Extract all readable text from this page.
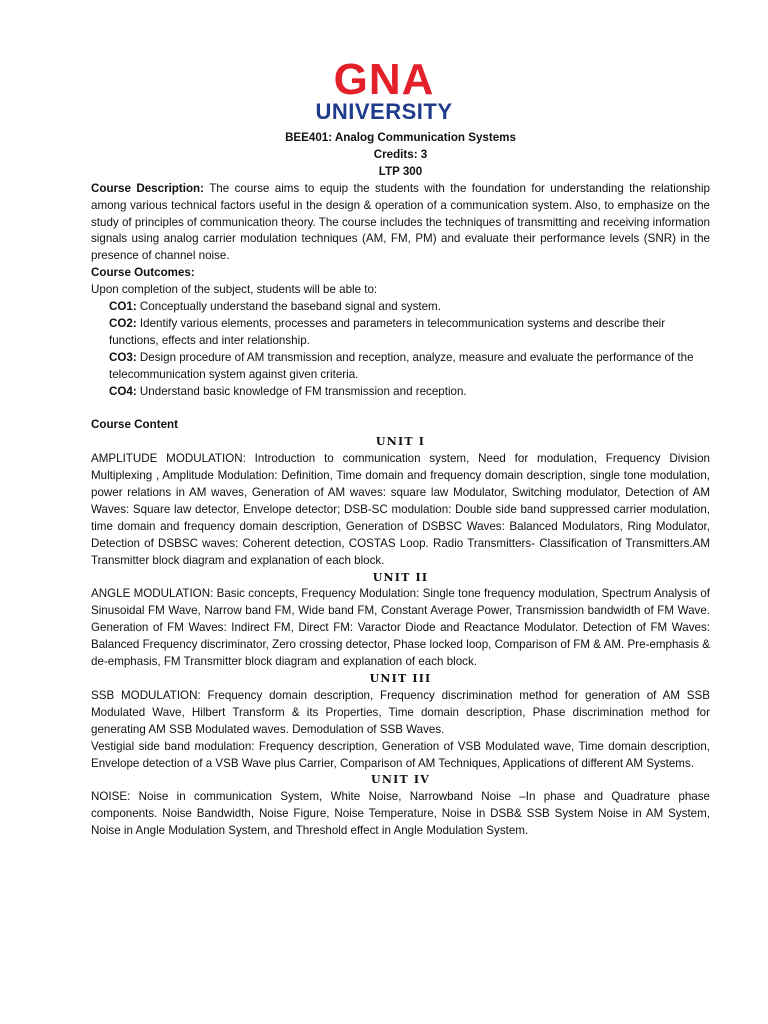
GNA
UNIVERSITY

BEE401: Analog Communication Systems

Credits: 3

LTP 300

Course Description: The course aims to equip the students with the foundation for understanding the relationship among various technical factors useful in the design & operation of a communication system. Also, to emphasize on the study of principles of communication theory. The course includes the techniques of transmitting and receiving information signals using analog carrier modulation techniques (AM, FM, PM) and evaluate their performance levels (SNR) in the presence of channel noise.

Course Outcomes:

Upon completion of the subject, students will be able to:

CO1: Conceptually understand the baseband signal and system.

CO2: Identify various elements, processes and parameters in telecommunication systems and describe their functions, effects and inter relationship.

CO3: Design procedure of AM transmission and reception, analyze, measure and evaluate the performance of the telecommunication system against given criteria.

CO4: Understand basic knowledge of FM transmission and reception.

Course Content

UNIT I

AMPLITUDE MODULATION: Introduction to communication system, Need for modulation, Frequency Division Multiplexing , Amplitude Modulation: Definition, Time domain and frequency domain description, single tone modulation, power relations in AM waves, Generation of AM waves: square law Modulator, Switching modulator, Detection of AM Waves: Square law detector, Envelope detector; DSB-SC modulation: Double side band suppressed carrier modulation, time domain and frequency domain description, Generation of DSBSC Waves: Balanced Modulators, Ring Modulator, Detection of DSBSC waves: Coherent detection, COSTAS Loop. Radio Transmitters- Classification of Transmitters.AM Transmitter block diagram and explanation of each block.

UNIT II

ANGLE MODULATION: Basic concepts, Frequency Modulation: Single tone frequency modulation, Spectrum Analysis of Sinusoidal FM Wave, Narrow band FM, Wide band FM, Constant Average Power, Transmission bandwidth of FM Wave. Generation of FM Waves: Indirect FM, Direct FM: Varactor Diode and Reactance Modulator. Detection of FM Waves: Balanced Frequency discriminator, Zero crossing detector, Phase locked loop, Comparison of FM & AM. Pre-emphasis & de-emphasis, FM Transmitter block diagram and explanation of each block.

UNIT III

SSB MODULATION: Frequency domain description, Frequency discrimination method for generation of AM SSB Modulated Wave, Hilbert Transform & its Properties, Time domain description, Phase discrimination method for generating AM SSB Modulated waves. Demodulation of SSB Waves.

Vestigial side band modulation: Frequency description, Generation of VSB Modulated wave, Time domain description, Envelope detection of a VSB Wave plus Carrier, Comparison of AM Techniques, Applications of different AM Systems.

UNIT IV

NOISE: Noise in communication System, White Noise, Narrowband Noise –In phase and Quadrature phase components. Noise Bandwidth, Noise Figure, Noise Temperature, Noise in DSB& SSB System Noise in AM System, Noise in Angle Modulation System, and Threshold effect in Angle Modulation System.
